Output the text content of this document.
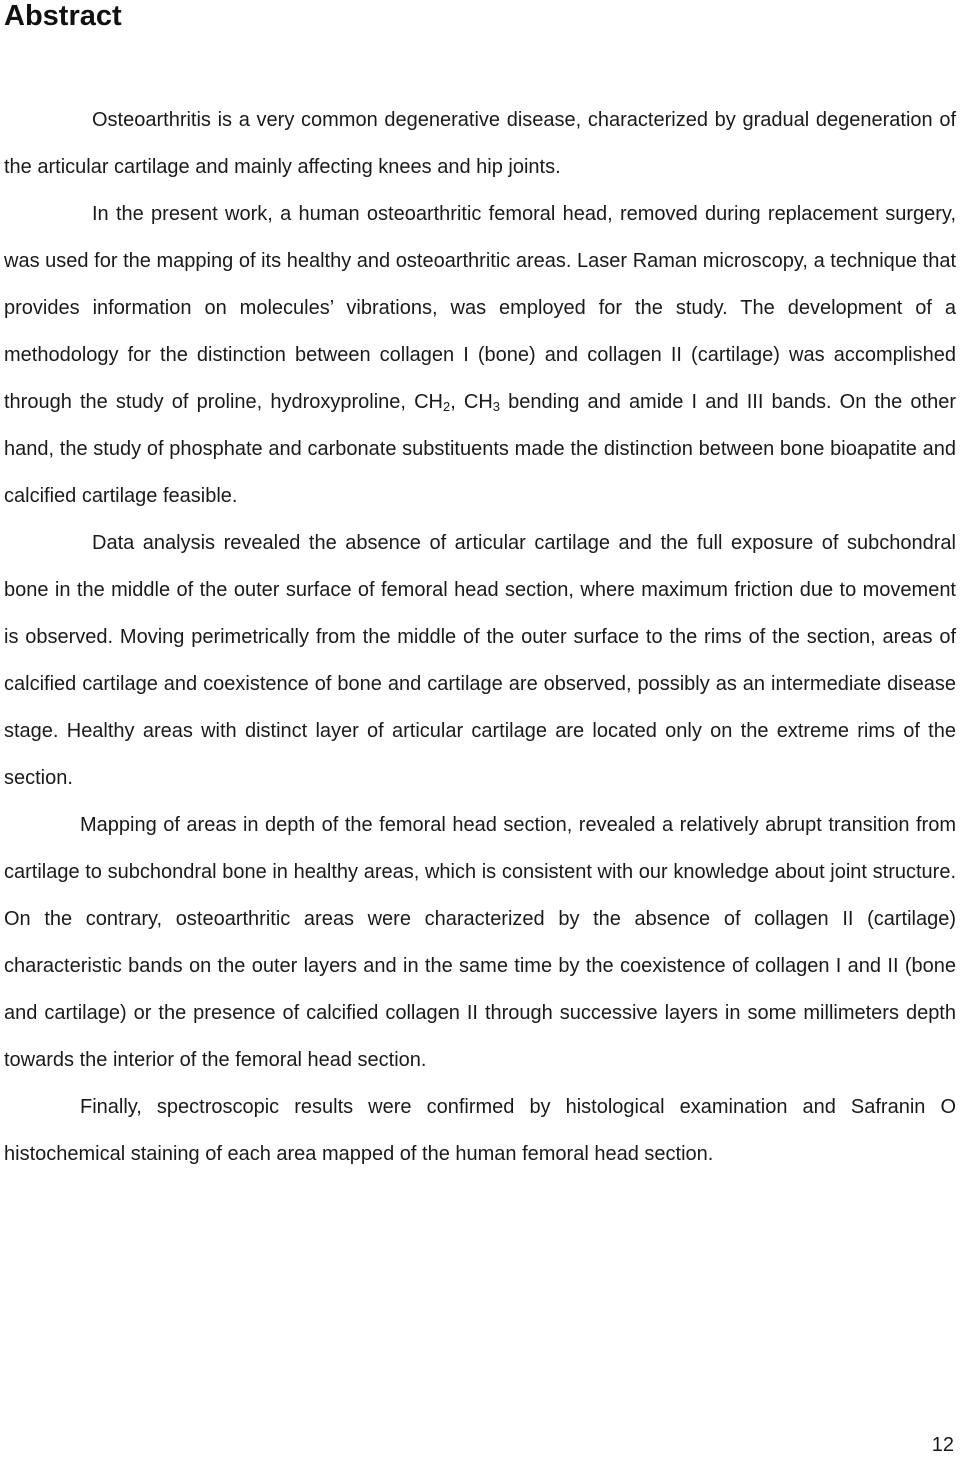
Abstract

Osteoarthritis is a very common degenerative disease, characterized by gradual degeneration of the articular cartilage and mainly affecting knees and hip joints.

In the present work, a human osteoarthritic femoral head, removed during replacement surgery, was used for the mapping of its healthy and osteoarthritic areas. Laser Raman microscopy, a technique that provides information on molecules’ vibrations, was employed for the study. The development of a methodology for the distinction between collagen I (bone) and collagen II (cartilage) was accomplished through the study of proline, hydroxyproline, $CH_2$, $CH_3$ bending and amide I and III bands. On the other hand, the study of phosphate and carbonate substituents made the distinction between bone bioapatite and calcified cartilage feasible.

Data analysis revealed the absence of articular cartilage and the full exposure of subchondral bone in the middle of the outer surface of femoral head section, where maximum friction due to movement is observed. Moving perimetrically from the middle of the outer surface to the rims of the section, areas of calcified cartilage and coexistence of bone and cartilage are observed, possibly as an intermediate disease stage. Healthy areas with distinct layer of articular cartilage are located only on the extreme rims of the section.

Mapping of areas in depth of the femoral head section, revealed a relatively abrupt transition from cartilage to subchondral bone in healthy areas, which is consistent with our knowledge about joint structure. On the contrary, osteoarthritic areas were characterized by the absence of collagen II (cartilage) characteristic bands on the outer layers and in the same time by the coexistence of collagen I and II (bone and cartilage) or the presence of calcified collagen II through successive layers in some millimeters depth towards the interior of the femoral head section.

Finally, spectroscopic results were confirmed by histological examination and Safranin O histochemical staining of each area mapped of the human femoral head section.

12
